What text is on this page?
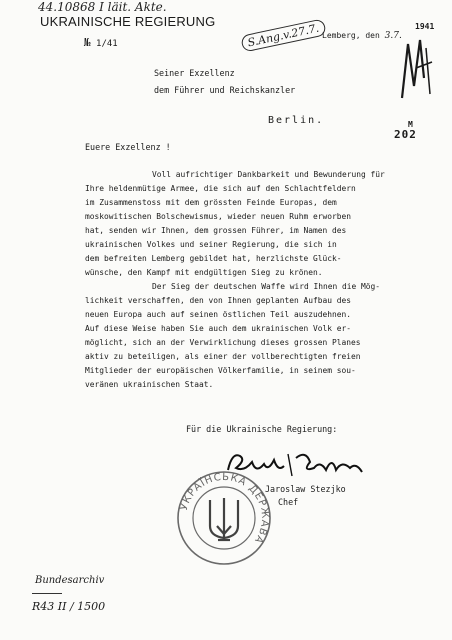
44.10868 I läit. Akte.
UKRAINISCHE REGIERUNG
№ 1/41	S.Ang.v.27.7. Lemberg, den 3.7.
1941
M
202
Seiner Exzellenz
dem Führer und Reichskanzler
Berlin.
Euere Exzellenz !
Voll aufrichtiger Dankbarkeit und Bewunderung für
Ihre heldenmütige Armee, die sich auf den Schlachtfeldern
im Zusammenstoss mit dem grössten Feinde Europas, dem
moskowitischen Bolschewismus, wieder neuen Ruhm erworben
hat, senden wir Ihnen, dem grossen Führer, im Namen des
ukrainischen Volkes und seiner Regierung, die sich in
dem befreiten Lemberg gebildet hat, herzlichste Glück-
wünsche, den Kampf mit endgültigen Sieg zu krönen.
Der Sieg der deutschen Waffe wird Ihnen die Mög-
lichkeit verschaffen, den von Ihnen geplanten Aufbau des
neuen Europa auch auf seinen östlichen Teil auszudehnen.
Auf diese Weise haben Sie auch dem ukrainischen Volk er-
möglicht, sich an der Verwirklichung dieses grossen Planes
aktiv zu beteiligen, als einer der vollberechtigten freien
Mitglieder der europäischen Völkerfamilie, in seinem sou-
veränen ukrainischen Staat.
Für die Ukrainische Regierung:
УКРАЇНСЬКА ДЕРЖАВА
Jaroslaw Stezjko
Chef
Bundesarchiv
R43 II / 1500
